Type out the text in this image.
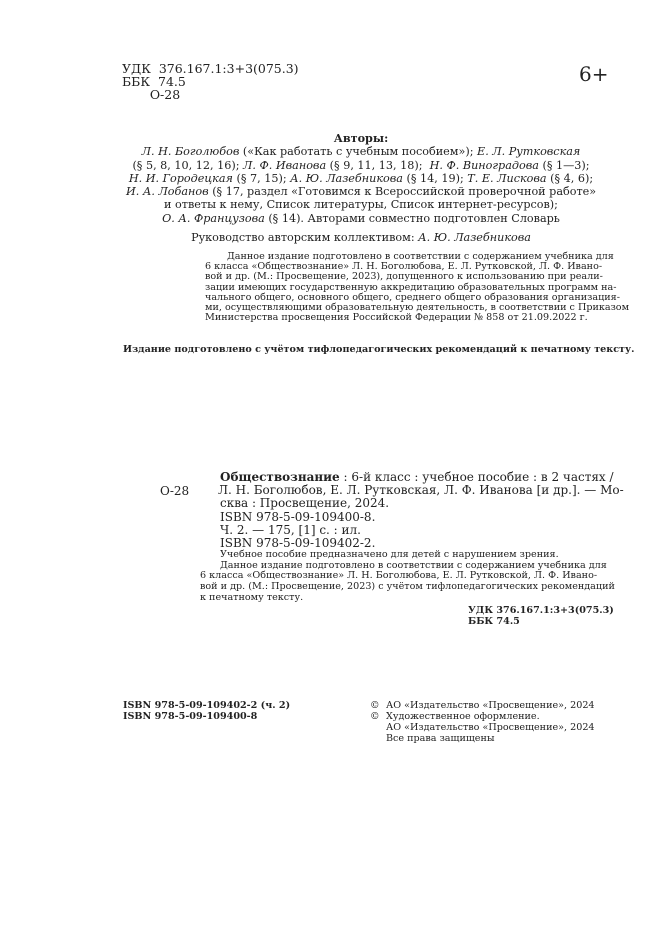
УДК  376.167.1:3+3(075.3)
ББК  74.5
О-28
6+
Авторы:
Л. Н. Боголюбов («Как работать с учебным пособием»); Е. Л. Рутковская
(§ 5, 8, 10, 12, 16); Л. Ф. Иванова (§ 9, 11, 13, 18);  Н. Ф. Виноградова (§ 1—3);
Н. И. Городецкая (§ 7, 15); А. Ю. Лазебникова (§ 14, 19); Т. Е. Лискова (§ 4, 6);
И. А. Лобанов (§ 17, раздел «Готовимся к Всероссийской проверочной работе»
и ответы к нему, Список литературы, Список интернет-ресурсов);
О. А. Французова (§ 14). Авторами совместно подготовлен Словарь
Руководство авторским коллективом: А. Ю. Лазебникова
Данное издание подготовлено в соответствии с содержанием учебника для
6 класса «Обществознание» Л. Н. Боголюбова, Е. Л. Рутковской, Л. Ф. Ивано-
вой и др. (М.: Просвещение, 2023), допущенного к использованию при реали-
зации имеющих государственную аккредитацию образовательных программ на-
чального общего, основного общего, среднего общего образования организация-
ми, осуществляющими образовательную деятельность, в соответствии с Приказом
Министерства просвещения Российской Федерации № 858 от 21.09.2022 г.
Издание подготовлено с учётом тифлопедагогических рекомендаций к печатному тексту.
О-28
Обществознание : 6-й класс : учебное пособие : в 2 частях /
Л. Н. Боголюбов, Е. Л. Рутковская, Л. Ф. Иванова [и др.]. — Мо-
сква : Просвещение, 2024.
ISBN 978-5-09-109400-8.
Ч. 2. — 175, [1] с. : ил.
ISBN 978-5-09-109402-2.
Учебное пособие предназначено для детей с нарушением зрения.
Данное издание подготовлено в соответствии с содержанием учебника для
6 класса «Обществознание» Л. Н. Боголюбова, Е. Л. Рутковской, Л. Ф. Ивано-
вой и др. (М.: Просвещение, 2023) с учётом тифлопедагогических рекомендаций
к печатному тексту.
УДК 376.167.1:3+3(075.3)
ББК 74.5
ISBN 978-5-09-109402-2 (ч. 2)
ISBN 978-5-09-109400-8
© АО «Издательство «Просвещение», 2024
© Художественное оформление.
АО «Издательство «Просвещение», 2024
Все права защищены
